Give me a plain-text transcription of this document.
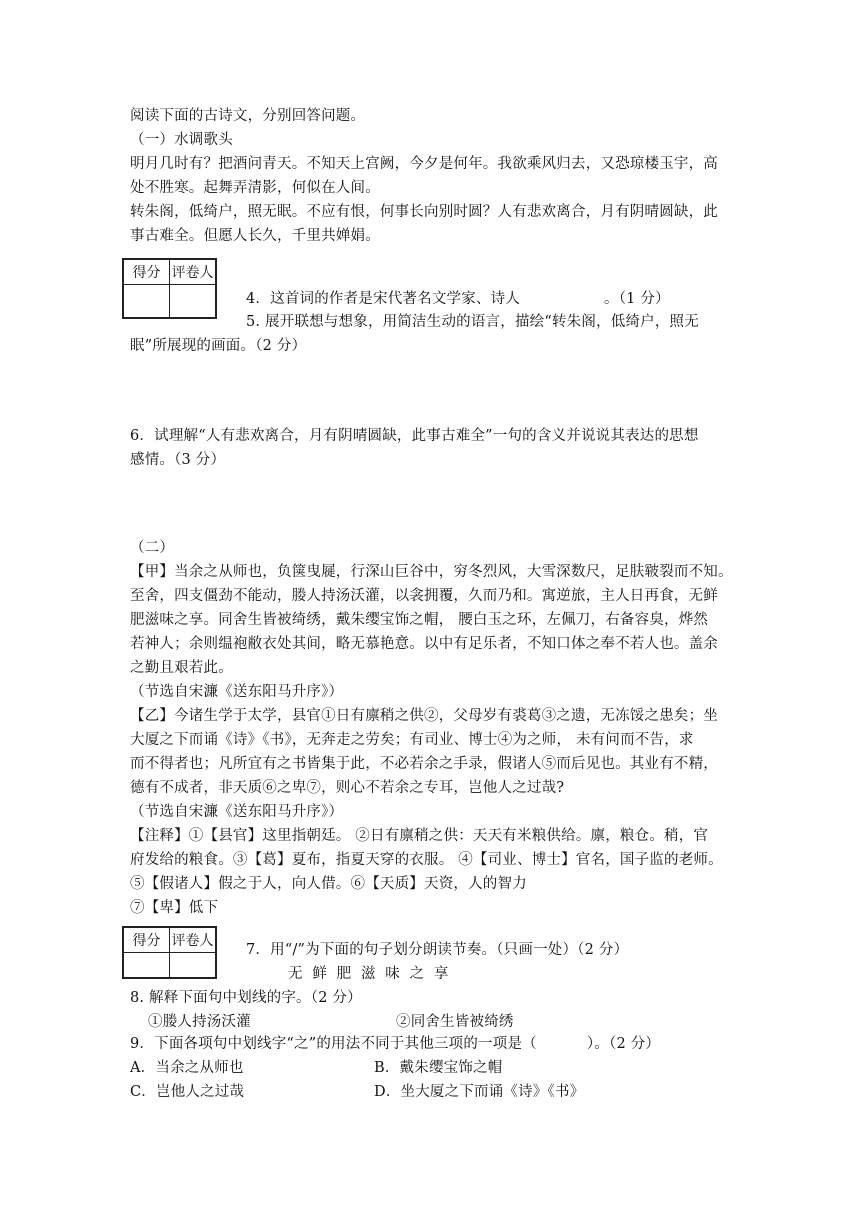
阅读下面的古诗文，分别回答问题。
（一）水调歌头
明月几时有？把酒问青天。不知天上宫阙，今夕是何年。我欲乘风归去，又恐琼楼玉宇，高
处不胜寒。起舞弄清影，何似在人间。
转朱阁，低绮户，照无眠。不应有恨，何事长向别时圆？人有悲欢离合，月有阴晴圆缺，此
事古难全。但愿人长久，千里共婵娟。
得分	评卷人

4．这首词的作者是宋代著名文学家、诗人	。（1 分）
5. 展开联想与想象，用简洁生动的语言，描绘“转朱阁，低绮户，照无
眠”所展现的画面。（2 分）
6．试理解“人有悲欢离合，月有阴晴圆缺，此事古难全”一句的含义并说说其表达的思想
感情。（3 分）
（二）
【甲】当余之从师也，负箧曳屣，行深山巨谷中，穷冬烈风，大雪深数尺，足肤皲裂而不知。
至舍，四支僵劲不能动，媵人持汤沃灌，以衾拥覆，久而乃和。寓逆旅，主人日再食，无鲜
肥滋味之享。同舍生皆被绮绣，戴朱缨宝饰之帽， 腰白玉之环，左佩刀，右备容臭，烨然
若神人；余则缊袍敝衣处其间，略无慕艳意。以中有足乐者，不知口体之奉不若人也。盖余
之勤且艰若此。
（节选自宋濂《送东阳马升序》）
【乙】今诸生学于太学，县官①日有廪稍之供②，父母岁有裘葛③之遗，无冻馁之患矣；坐
大厦之下而诵《诗》《书》，无奔走之劳矣；有司业、博士④为之师， 未有问而不告，求
而不得者也；凡所宜有之书皆集于此，不必若余之手录，假诸人⑤而后见也。其业有不精，
德有不成者，非天质⑥之卑⑦，则心不若余之专耳，岂他人之过哉?
（节选自宋濂《送东阳马升序》）
【注释】①【县官】这里指朝廷。 ②日有廪稍之供：天天有米粮供给。廪，粮仓。稍，官
府发给的粮食。③【葛】夏布，指夏天穿的衣服。 ④【司业、博士】官名，国子监的老师。
⑤【假诸人】假之于人，向人借。⑥【天质】天资，人的智力
⑦【卑】低下
得分	评卷人

7．用“/”为下面的句子划分朗读节奏。（只画一处）（2 分）
无  鲜  肥  滋  味  之  享
8. 解释下面句中划线的字。（2 分）
①媵人持汤沃灌	②同舍生皆被绮绣
9．下面各项句中划线字“之”的用法不同于其他三项的一项是（	）。（2 分）
A．当余之从师也	B．戴朱缨宝饰之帽
C．岂他人之过哉	D．坐大厦之下而诵《诗》《书》
